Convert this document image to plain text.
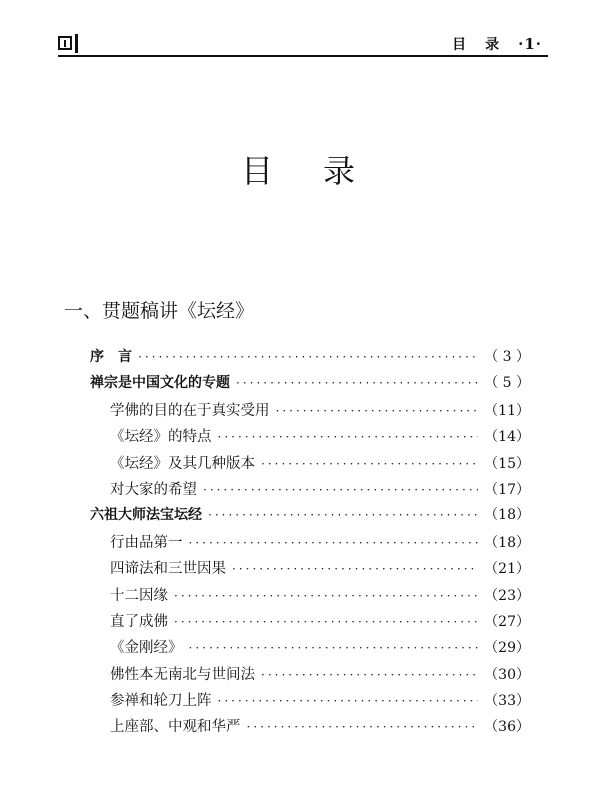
目 录 ·1·
目录
一、贯题稿讲《坛经》
序　言 ·····	（ 3 ）
禅宗是中国文化的专题 ·····	（ 5 ）
学佛的目的在于真实受用 ·····	（11）
《坛经》的特点 ·····	（14）
《坛经》及其几种版本 ·····	（15）
对大家的希望 ·····	（17）
六祖大师法宝坛经 ·····	（18）
行由品第一 ·····	（18）
四谛法和三世因果 ·····	（21）
十二因缘 ·····	（23）
直了成佛 ·····	（27）
《金刚经》 ·····	（29）
佛性本无南北与世间法 ·····	（30）
参禅和轮刀上阵 ·····	（33）
上座部、中观和华严 ·····	（36）
